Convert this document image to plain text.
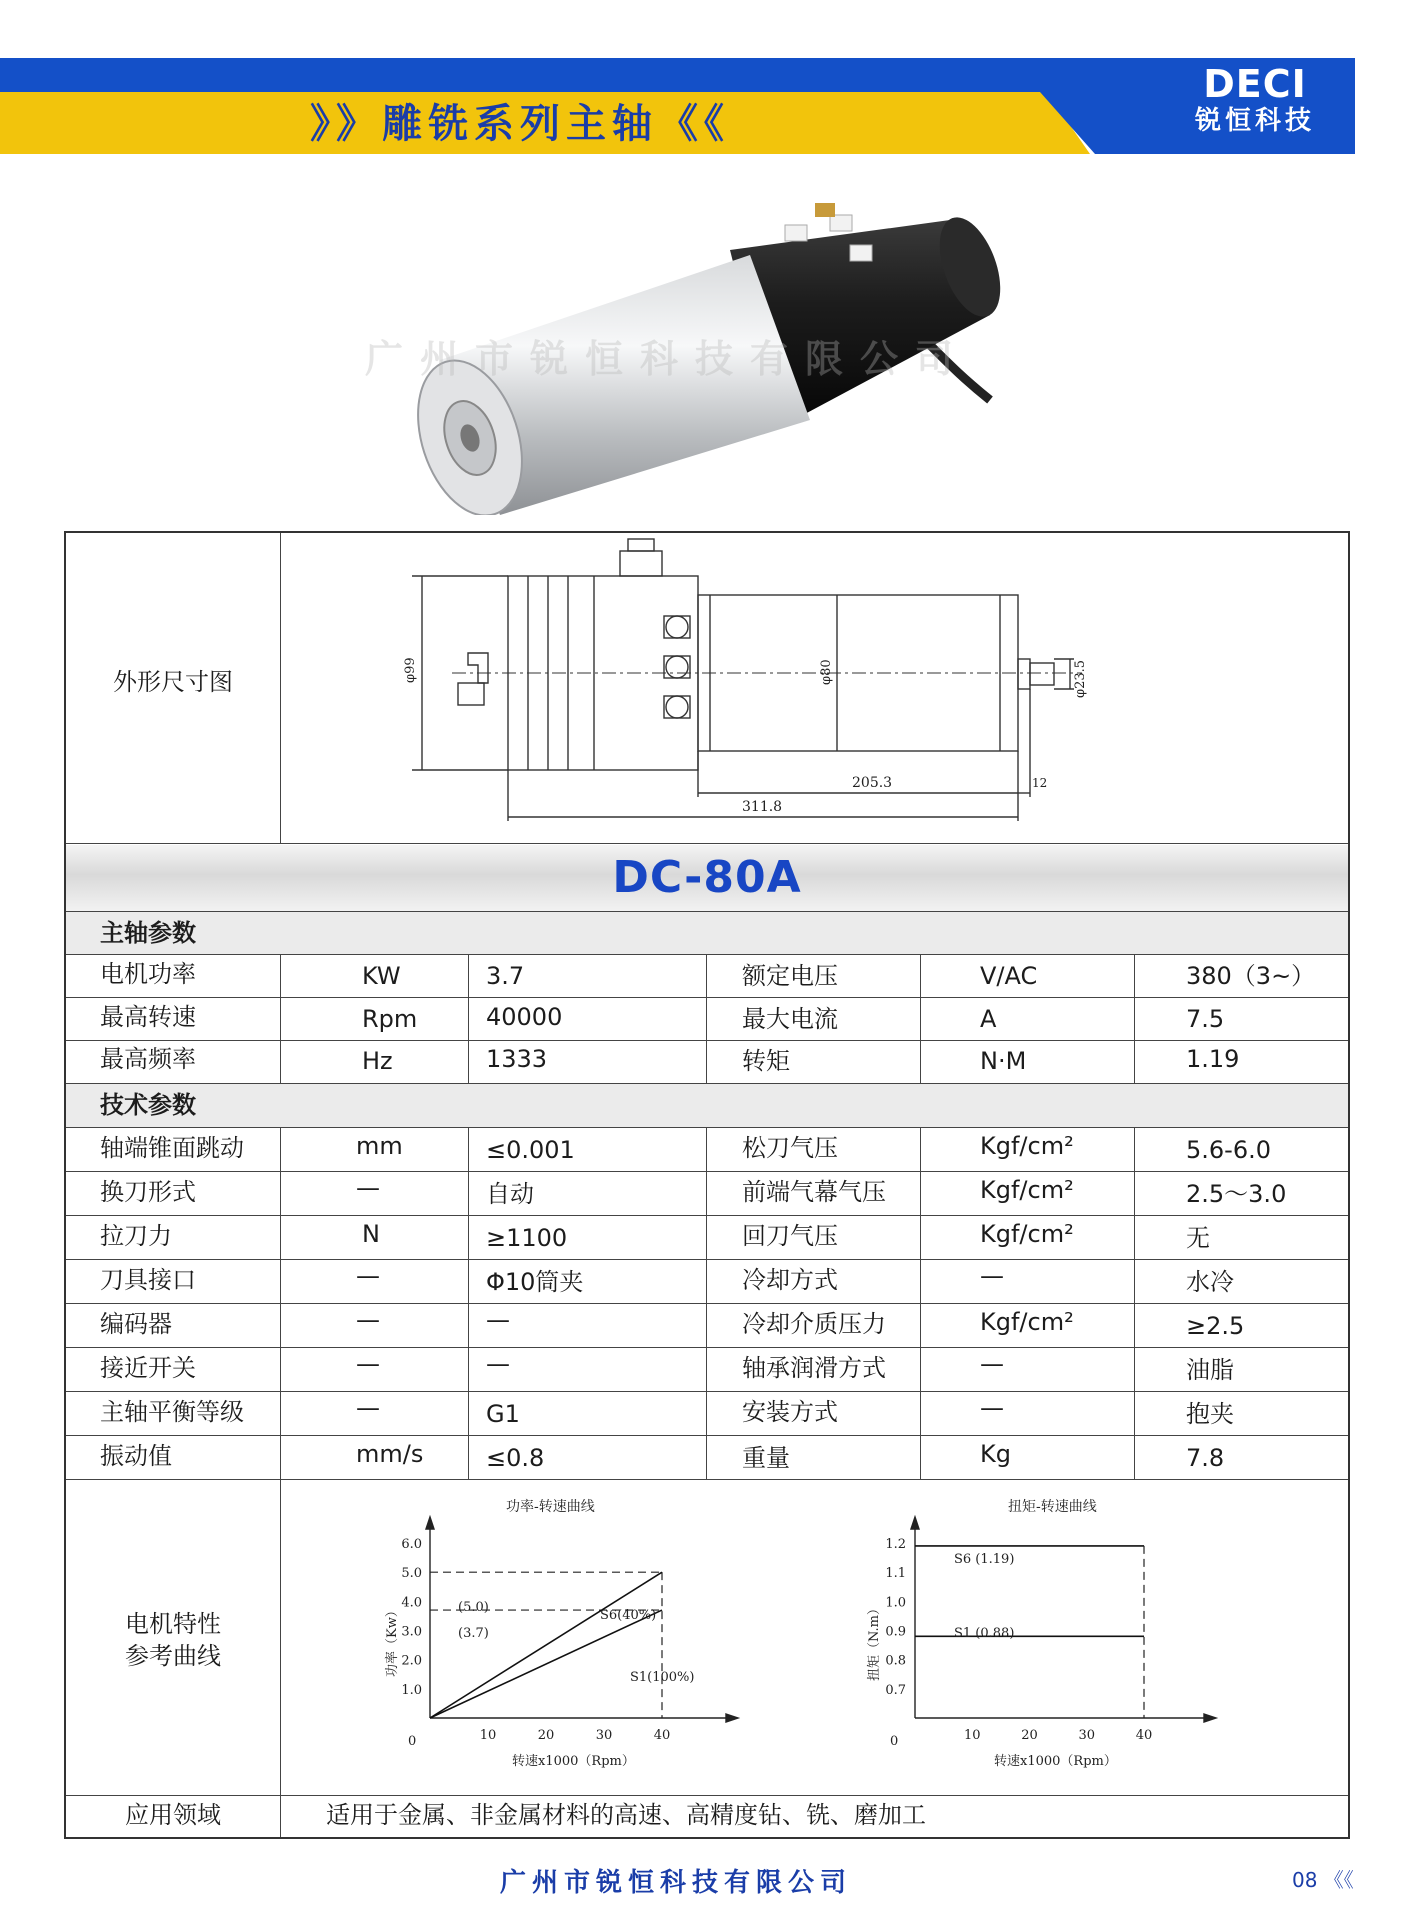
》》雕铣系列主轴《《
DECI
锐恒科技
广州市锐恒科技有限公司
外形尺寸图	φ99	φ80	φ23.5
205.3	12
311.8
DC-80A
主轴参数
技术参数
电机功率	KW	3.7	额定电压	V/AC	380（3~）
最高转速	Rpm	40000	最大电流	A	7.5
最高频率	Hz	1333	转矩	N·M	1.19
轴端锥面跳动	mm	≤0.001	松刀气压	Kgf/cm²	5.6-6.0
换刀形式	—	自动	前端气幕气压	Kgf/cm²	2.5～3.0
拉刀力	N	≥1100	回刀气压	Kgf/cm²	无
刀具接口	—	Φ10筒夹	冷却方式	—	水冷
编码器	—	—	冷却介质压力	Kgf/cm²	≥2.5
接近开关	—	—	轴承润滑方式	—	油脂
主轴平衡等级	—	G1	安装方式	—	抱夹
振动值	mm/s	≤0.8	重量	Kg	7.8
电机特性
参考曲线
1.0
2.0
3.0
4.0
5.0
6.0
10	20	30	40
功率-转速曲线
功率（Kw）
转速x1000（Rpm）
0
(5.0)
(3.7)
S6(40%)
S1(100%)
0.7
0.8
0.9
1.0
1.1
1.2
10	20	30	40
扭矩-转速曲线
扭矩（N.m）
转速x1000（Rpm）
0
S6 (1.19)
S1 (0.88)
应用领域	适用于金属、非金属材料的高速、高精度钻、铣、磨加工
广州市锐恒科技有限公司	08 《《
